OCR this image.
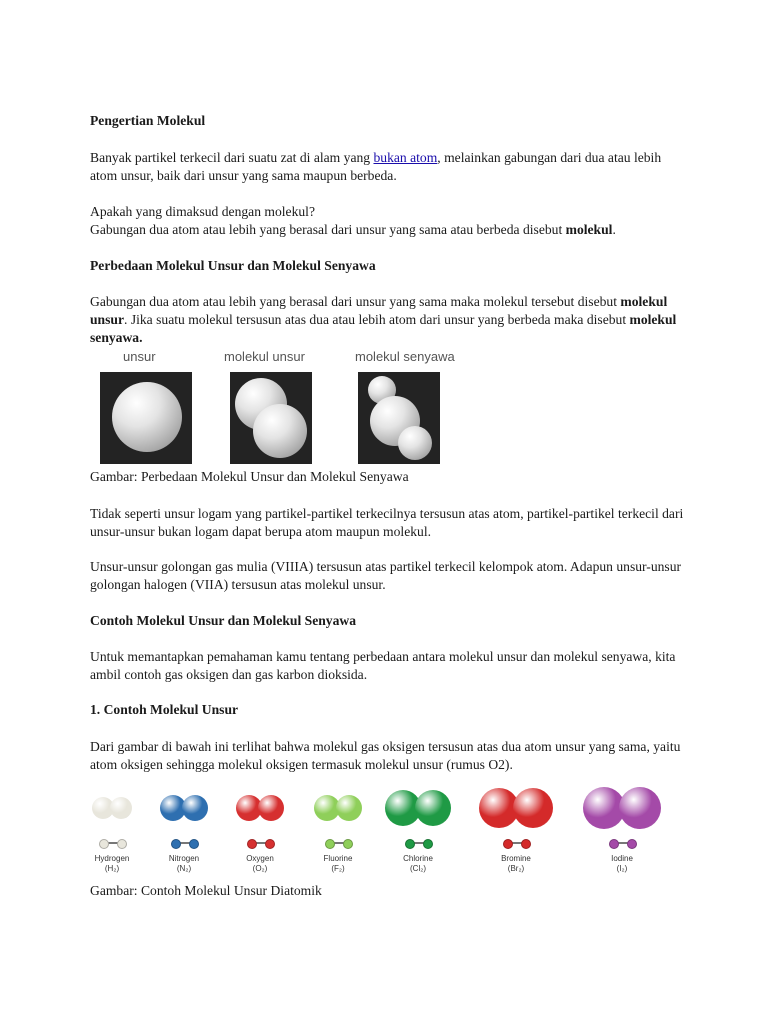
Pengertian Molekul

Banyak partikel terkecil dari suatu zat di alam yang bukan atom, melainkan gabungan dari dua atau lebih atom unsur, baik dari unsur yang sama maupun berbeda.

Apakah yang dimaksud dengan molekul?

Gabungan dua atom atau lebih yang berasal dari unsur yang sama atau berbeda disebut molekul.

Perbedaan Molekul Unsur dan Molekul Senyawa

Gabungan dua atom atau lebih yang berasal dari unsur yang sama maka molekul tersebut disebut molekul unsur. Jika suatu molekul tersusun atas dua atau lebih atom dari unsur yang berbeda maka disebut molekul senyawa.

unsur	molekul unsur	molekul senyawa

Gambar: Perbedaan Molekul Unsur dan Molekul Senyawa

Tidak seperti unsur logam yang partikel-partikel terkecilnya tersusun atas atom, partikel-partikel terkecil dari unsur-unsur bukan logam dapat berupa atom maupun molekul.

Unsur-unsur golongan gas mulia (VIIIA) tersusun atas partikel terkecil kelompok atom. Adapun unsur-unsur golongan halogen (VIIA) tersusun atas molekul unsur.

Contoh Molekul Unsur dan Molekul Senyawa

Untuk memantapkan pemahaman kamu tentang perbedaan antara molekul unsur dan molekul senyawa, kita ambil contoh gas oksigen dan gas karbon dioksida.

1. Contoh Molekul Unsur

Dari gambar di bawah ini terlihat bahwa molekul gas oksigen tersusun atas dua atom unsur yang sama, yaitu atom oksigen sehingga molekul oksigen termasuk molekul unsur (rumus O2).

Hydrogen
(H₂)
Nitrogen
(N₂)
Oxygen
(O₂)
Fluorine
(F₂)
Chlorine
(Cl₂)
Bromine
(Br₂)
Iodine
(I₂)

Gambar: Contoh Molekul Unsur Diatomik
